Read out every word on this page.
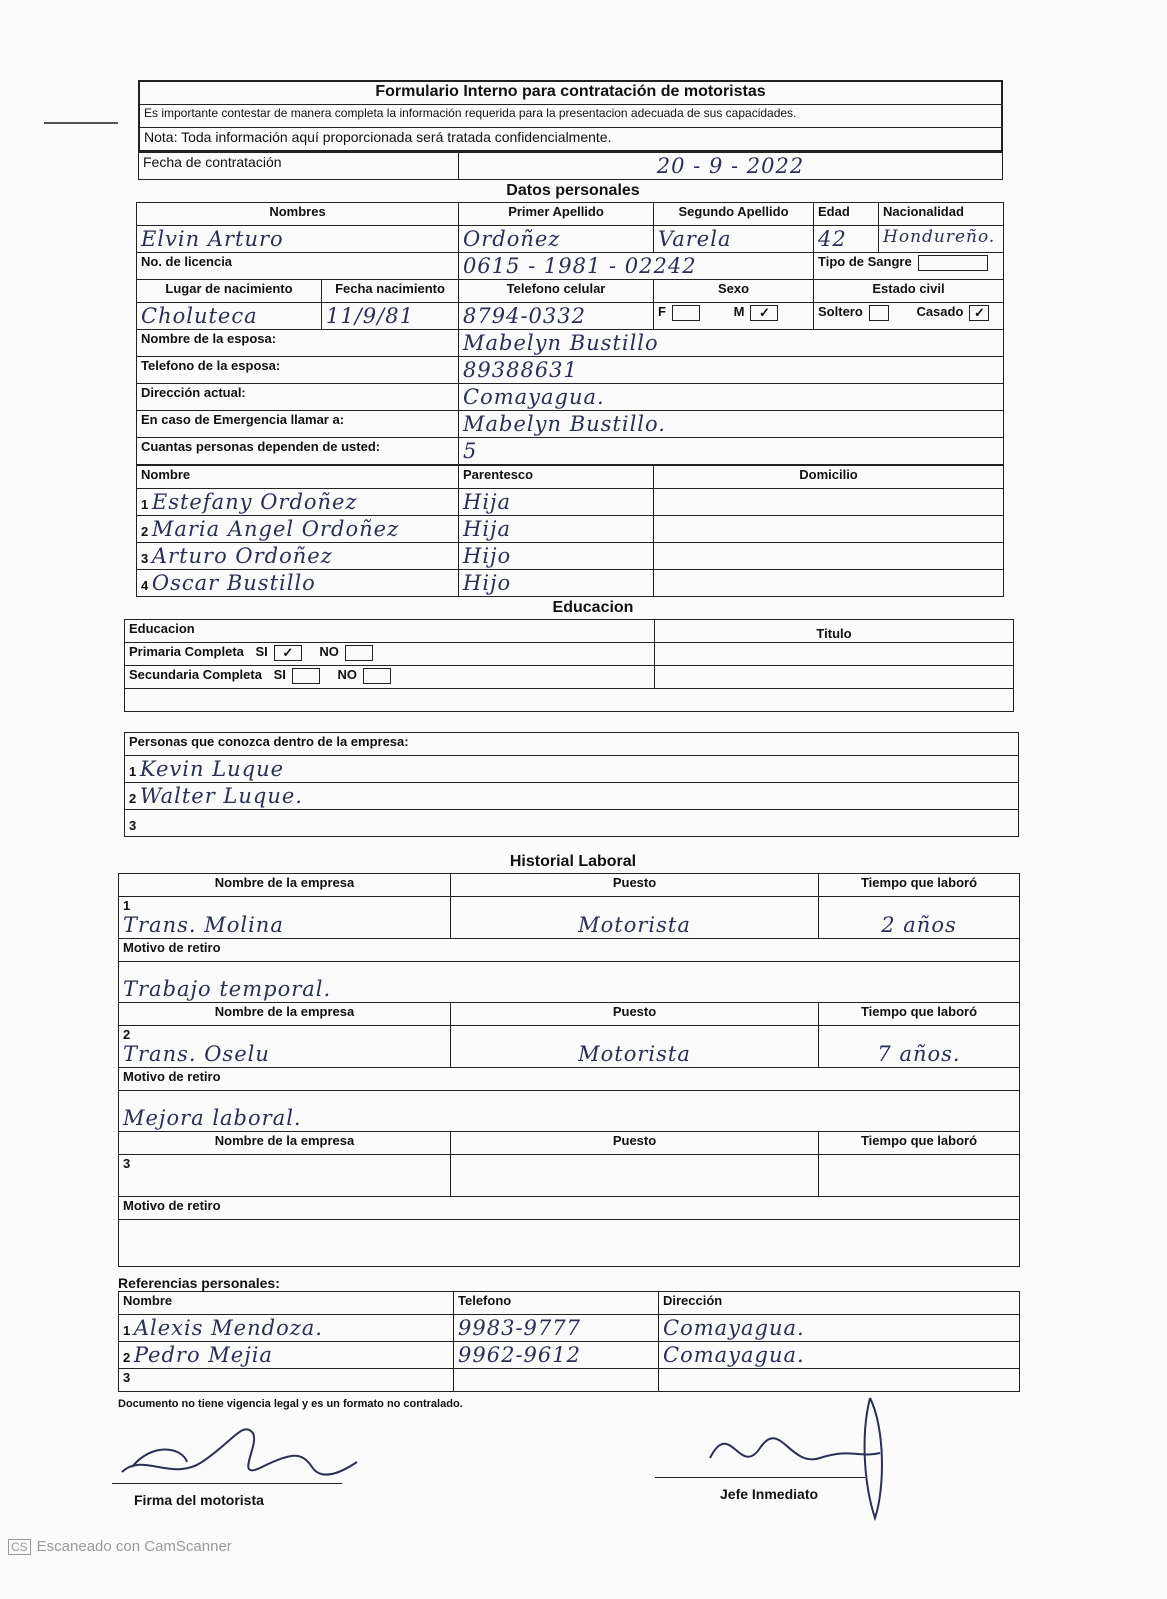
Formulario Interno para contratación de motoristas
Es importante contestar de manera completa la información requerida para la presentacion adecuada de sus capacidades.
Nota: Toda información aquí proporcionada será tratada confidencialmente.
Fecha de contratación	20 - 9 - 2022
Datos personales
Nombres		Primer Apellido	Segundo Apellido	Edad	Nacionalidad
Elvin Arturo		Ordoñez	Varela	42	Hondureño.
No. de licencia		0615 - 1981 - 02242		Tipo de Sangre	
Lugar de nacimiento	Fecha nacimiento	Telefono celular	Sexo	Estado civil	
Choluteca	11/9/81	8794-0332	F M ✓	Soltero Casado ✓	
Nombre de la esposa:		Mabelyn Bustillo			
Telefono de la esposa:		89388631			
Dirección actual:		Comayagua.			
En caso de Emergencia llamar a:		Mabelyn Bustillo.			
Cuantas personas dependen de usted:		5			
Nombre	Parentesco	Domicilio
1 Estefany Ordoñez	Hija	
2 Maria Angel Ordoñez	Hija	
3 Arturo Ordoñez	Hijo	
4 Oscar Bustillo	Hijo	
Educacion
Educacion	Titulo
Primaria Completa SI ✓ NO	
Secundaria Completa SI NO	

Personas que conozca dentro de la empresa:
1 Kevin Luque
2 Walter Luque.
3
Historial Laboral
Nombre de la empresa	Puesto	Tiempo que laboró
1
Trans. Molina	Motorista	2 años
Motivo de retiro		
Trabajo temporal.		
Nombre de la empresa	Puesto	Tiempo que laboró
2
Trans. Oselu	Motorista	7 años.
Motivo de retiro		
Mejora laboral.		
Nombre de la empresa	Puesto	Tiempo que laboró
3		
Motivo de retiro		

Referencias personales:
Nombre	Telefono	Dirección
1 Alexis Mendoza.	9983-9777	Comayagua.
2 Pedro Mejia	9962-9612	Comayagua.
3		
Documento no tiene vigencia legal y es un formato no contralado.
Firma del motorista	Jefe Inmediato
CS Escaneado con CamScanner
